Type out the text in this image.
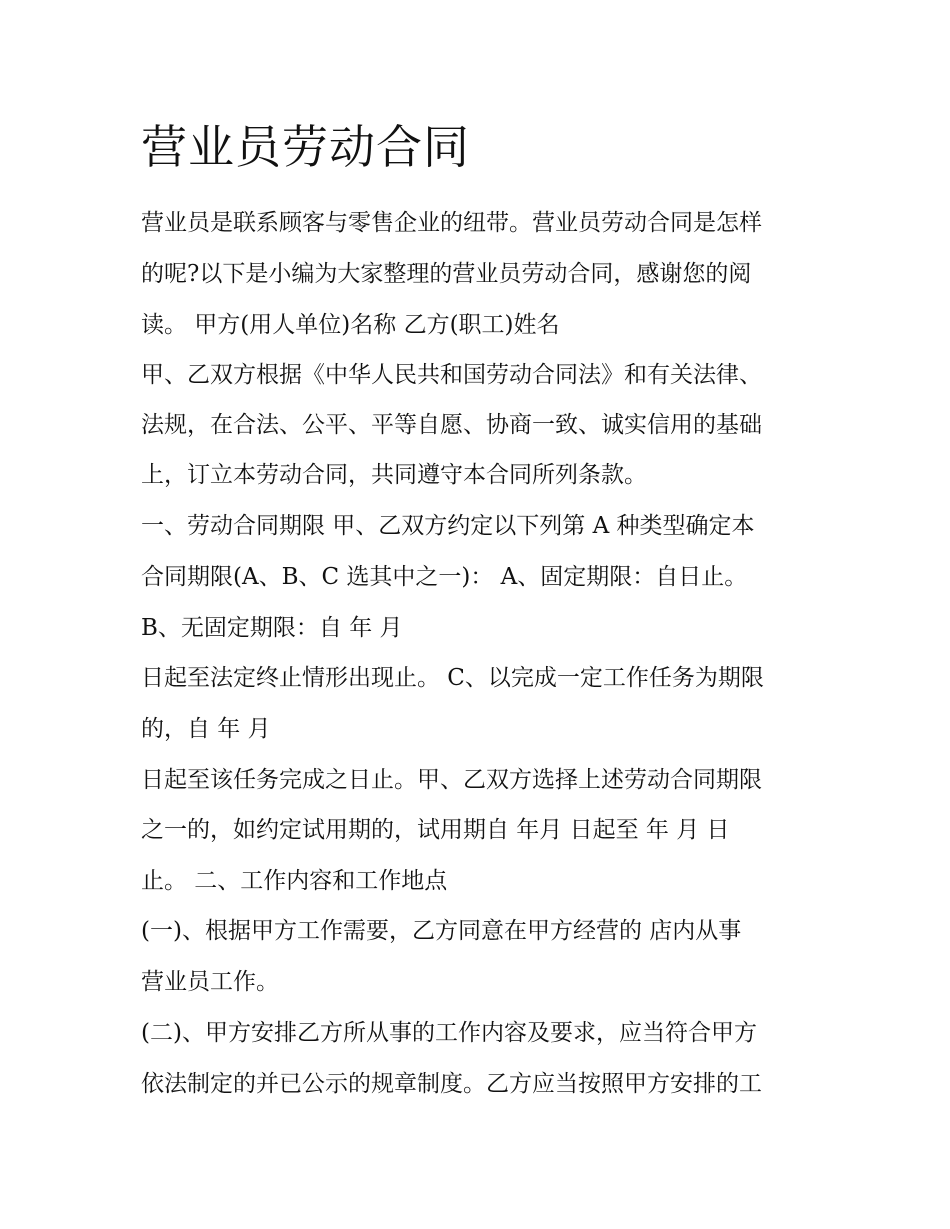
营业员劳动合同

营业员是联系顾客与零售企业的纽带。营业员劳动合同是怎样

的呢?以下是小编为大家整理的营业员劳动合同，感谢您的阅

读。 甲方(用人单位)名称 乙方(职工)姓名

甲、乙双方根据《中华人民共和国劳动合同法》和有关法律、

法规，在合法、公平、平等自愿、协商一致、诚实信用的基础

上，订立本劳动合同，共同遵守本合同所列条款。

一、劳动合同期限 甲、乙双方约定以下列第 A 种类型确定本

合同期限(A、B、C 选其中之一)： A、固定期限：自日止。

B、无固定期限：自 年 月

日起至法定终止情形出现止。 C、以完成一定工作任务为期限

的，自 年 月

日起至该任务完成之日止。甲、乙双方选择上述劳动合同期限

之一的，如约定试用期的，试用期自 年月 日起至 年 月 日

止。 二、工作内容和工作地点

(一)、根据甲方工作需要，乙方同意在甲方经营的 店内从事

营业员工作。

(二)、甲方安排乙方所从事的工作内容及要求，应当符合甲方

依法制定的并已公示的规章制度。乙方应当按照甲方安排的工
